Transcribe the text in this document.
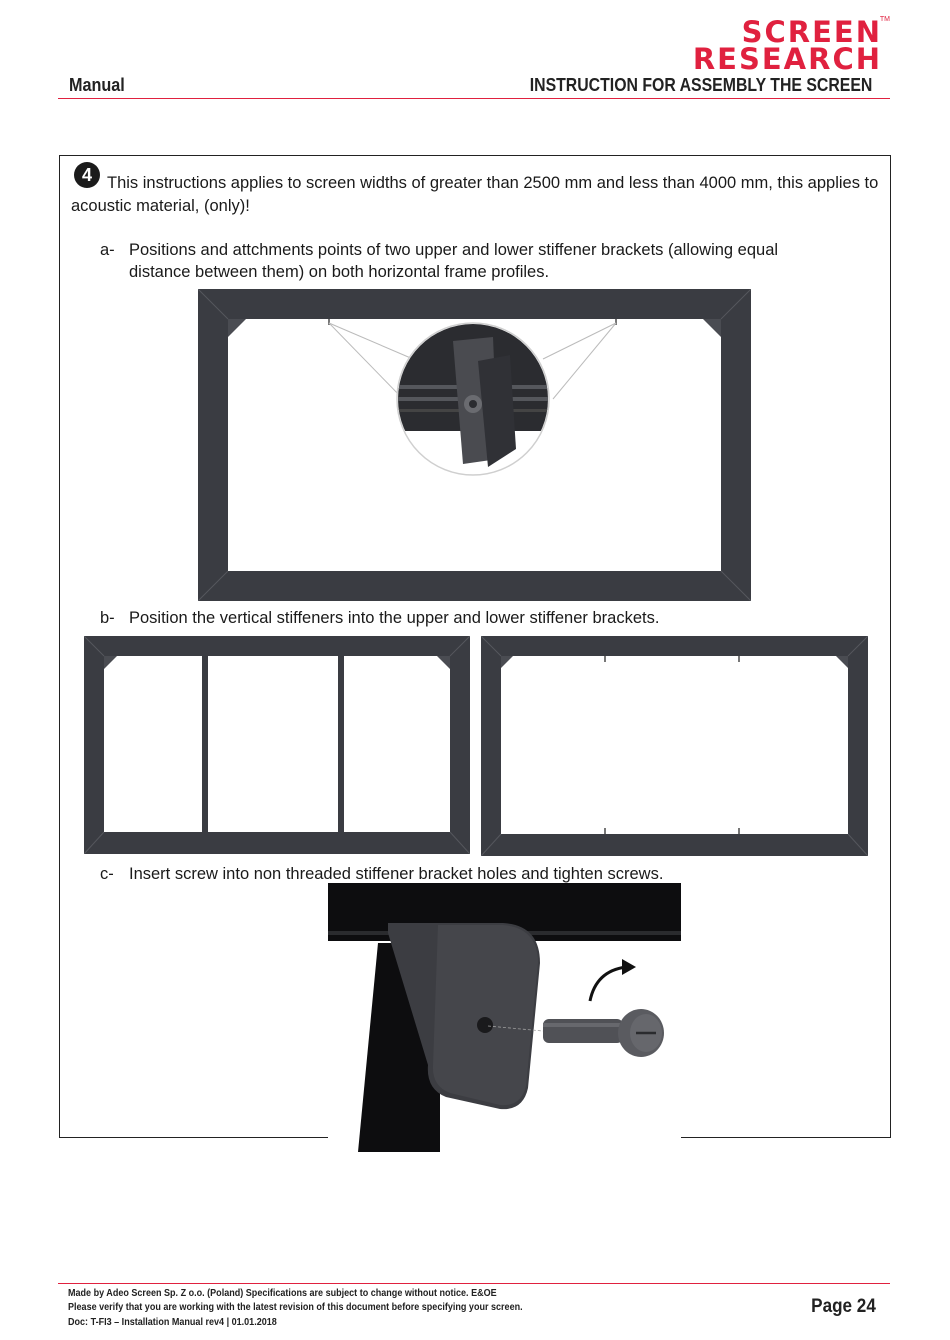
SCREEN
TM
RESEARCH
Manual	INSTRUCTION FOR ASSEMBLY THE SCREEN
4 This instructions applies to screen widths of greater than 2500 mm and less than 4000 mm, this applies to acoustic material, (only)!
a- Positions and attchments points of two upper and lower stiffener brackets (allowing equal
distance between them) on both horizontal frame profiles.
b- Position the vertical stiffeners into the upper and lower stiffener brackets.
c- Insert screw into non threaded stiffener bracket holes and tighten screws.
Made by Adeo Screen Sp. Z o.o. (Poland) Specifications are subject to change without notice. E&OE
Please verify that you are working with the latest revision of this document before specifying your screen.
Doc: T-FI3 – Installation Manual rev4 | 01.01.2018
Page 24
